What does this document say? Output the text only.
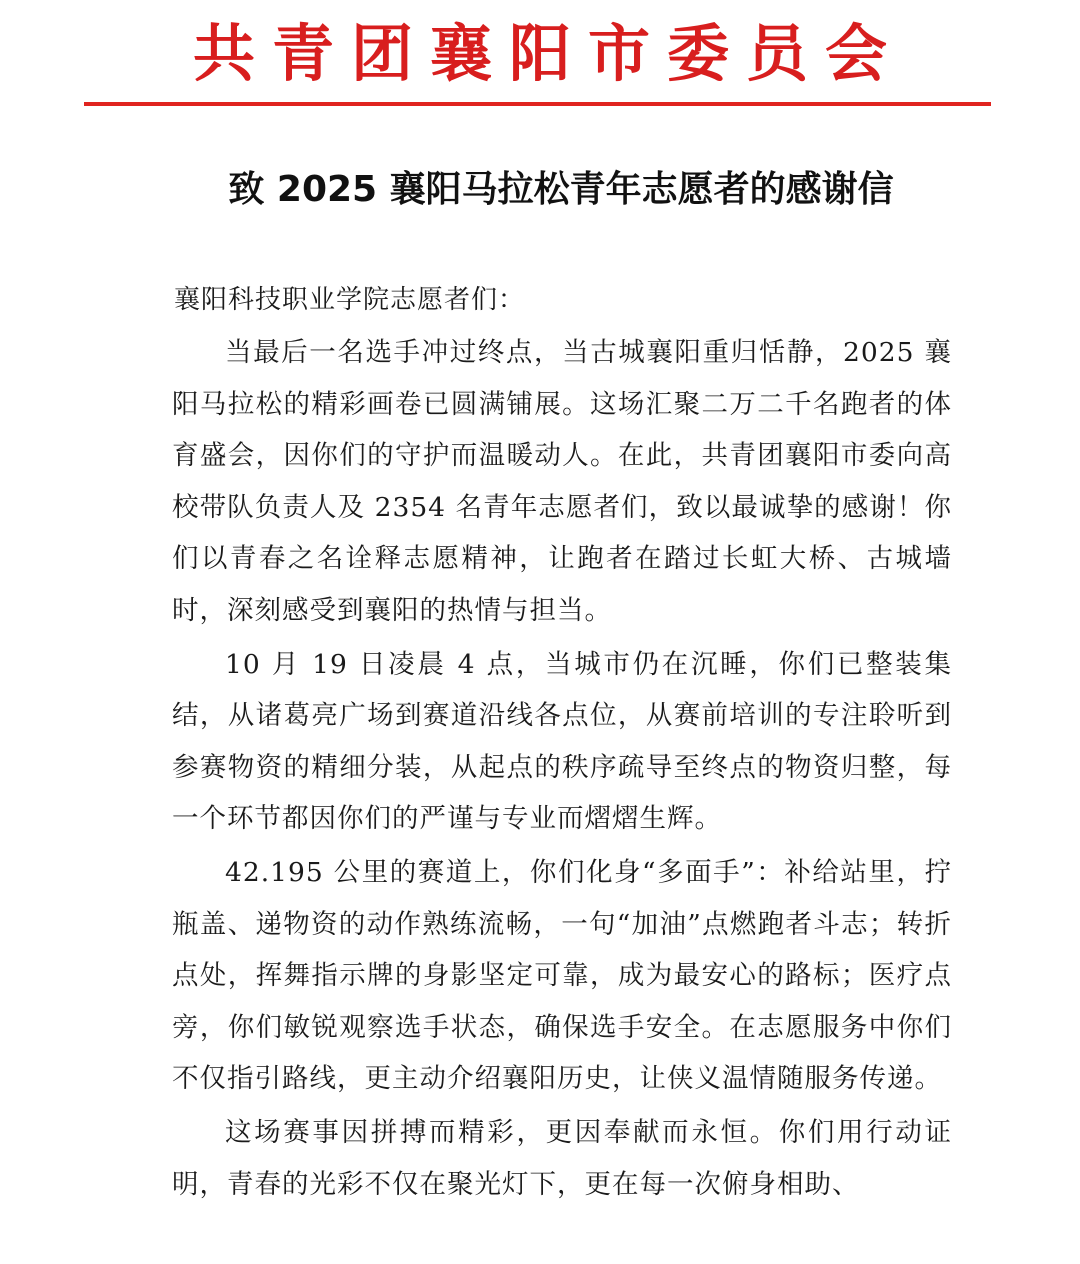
共青团襄阳市委员会
致 2025 襄阳马拉松青年志愿者的感谢信
襄阳科技职业学院志愿者们：

当最后一名选手冲过终点，当古城襄阳重归恬静，2025 襄阳马拉松的精彩画卷已圆满铺展。这场汇聚二万二千名跑者的体育盛会，因你们的守护而温暖动人。在此，共青团襄阳市委向高校带队负责人及 2354 名青年志愿者们，致以最诚挚的感谢！你们以青春之名诠释志愿精神，让跑者在踏过长虹大桥、古城墙时，深刻感受到襄阳的热情与担当。

10 月 19 日凌晨 4 点，当城市仍在沉睡，你们已整装集结，从诸葛亮广场到赛道沿线各点位，从赛前培训的专注聆听到参赛物资的精细分装，从起点的秩序疏导至终点的物资归整，每一个环节都因你们的严谨与专业而熠熠生辉。

42.195 公里的赛道上，你们化身“多面手”：补给站里，拧瓶盖、递物资的动作熟练流畅，一句“加油”点燃跑者斗志；转折点处，挥舞指示牌的身影坚定可靠，成为最安心的路标；医疗点旁，你们敏锐观察选手状态，确保选手安全。在志愿服务中你们不仅指引路线，更主动介绍襄阳历史，让侠义温情随服务传递。

这场赛事因拼搏而精彩，更因奉献而永恒。你们用行动证明，青春的光彩不仅在聚光灯下，更在每一次俯身相助、
